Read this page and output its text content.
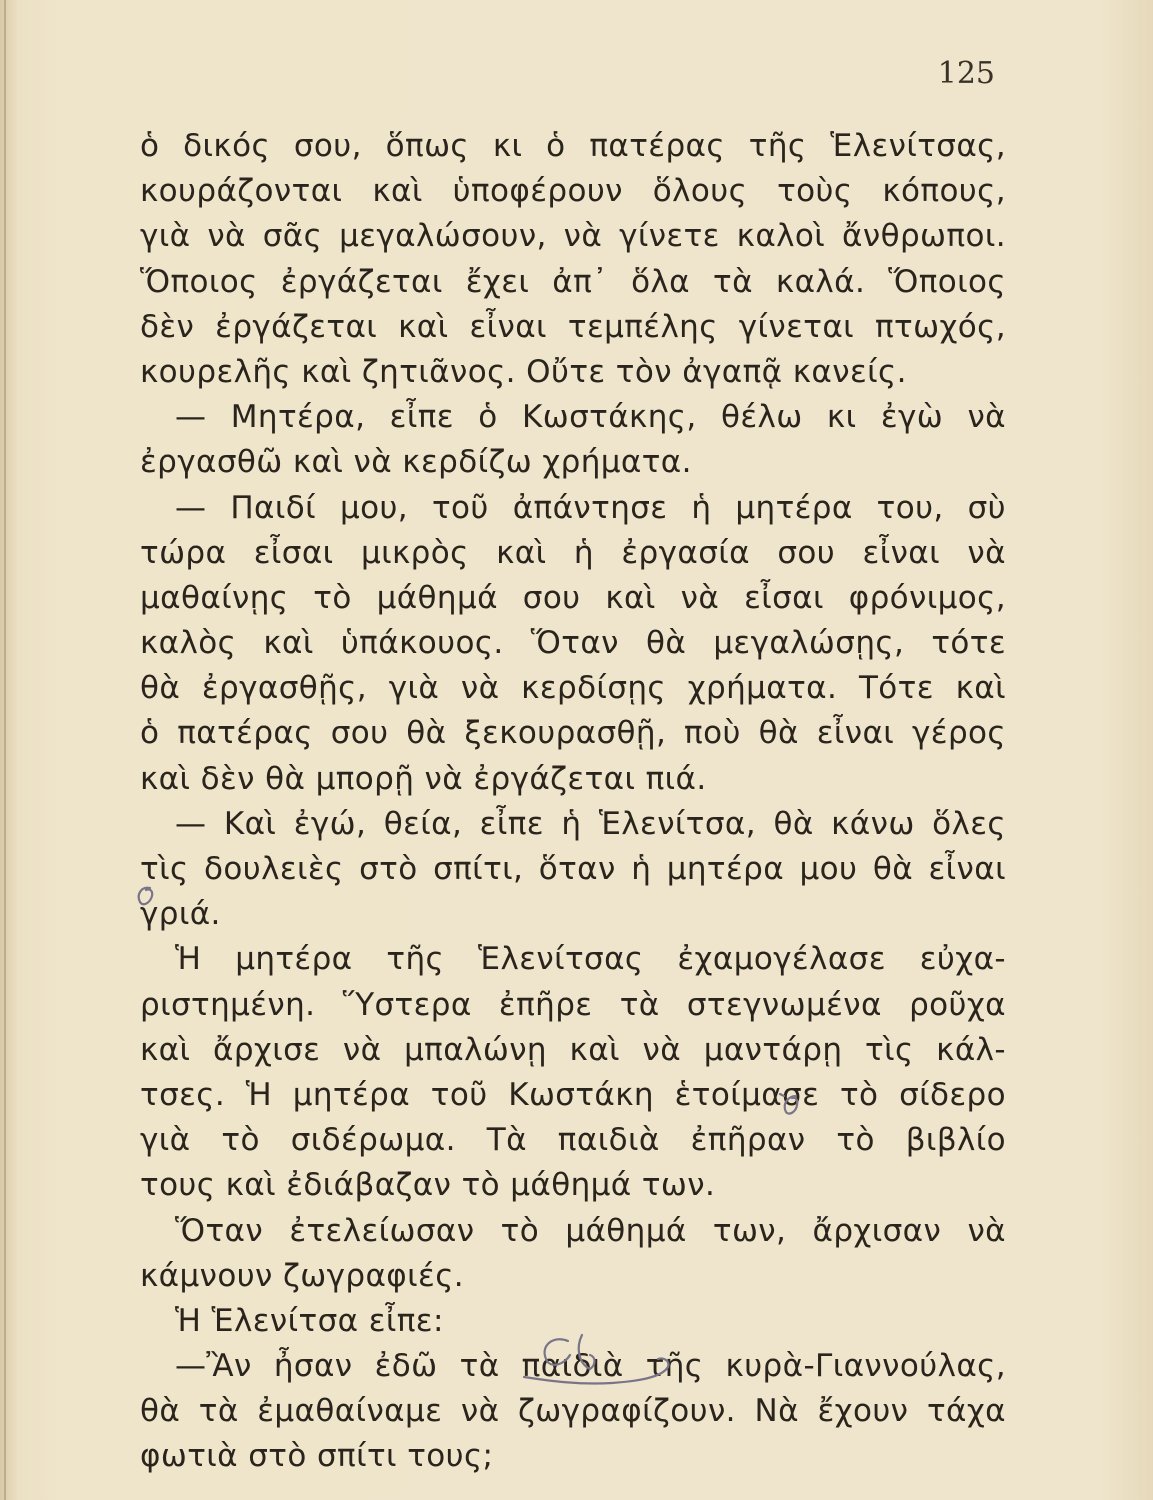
125
ὁ δικός σου, ὅπως κι ὁ πατέρας τῆς Ἑλενίτσας,
κουράζονται καὶ ὑποφέρουν ὅλους τοὺς κόπους,
γιὰ νὰ σᾶς μεγαλώσουν, νὰ γίνετε καλοὶ ἄνθρωποι.
Ὅποιος ἐργάζεται ἔχει ἀπ᾽ ὅλα τὰ καλά. Ὅποιος
δὲν ἐργάζεται καὶ εἶναι τεμπέλης γίνεται πτωχός,
κουρελῆς καὶ ζητιᾶνος. Οὔτε τὸν ἀγαπᾷ κανείς.
— Μητέρα, εἶπε ὁ Κωστάκης, θέλω κι ἐγὼ νὰ
ἐργασθῶ καὶ νὰ κερδίζω χρήματα.
— Παιδί μου, τοῦ ἀπάντησε ἡ μητέρα του, σὺ
τώρα εἶσαι μικρὸς καὶ ἡ ἐργασία σου εἶναι νὰ
μαθαίνῃς τὸ μάθημά σου καὶ νὰ εἶσαι φρόνιμος,
καλὸς καὶ ὑπάκουος. Ὅταν θὰ μεγαλώσῃς, τότε
θὰ ἐργασθῇς, γιὰ νὰ κερδίσῃς χρήματα. Τότε καὶ
ὁ πατέρας σου θὰ ξεκουρασθῇ, ποὺ θὰ εἶναι γέρος
καὶ δὲν θὰ μπορῇ νὰ ἐργάζεται πιά.
— Καὶ ἐγώ, θεία, εἶπε ἡ Ἑλενίτσα, θὰ κάνω ὅλες
τὶς δουλειὲς στὸ σπίτι, ὅταν ἡ μητέρα μου θὰ εἶναι
γριά.
Ἡ μητέρα τῆς Ἑλενίτσας ἐχαμογέλασε εὐχα-
ριστημένη. Ὕστερα ἐπῆρε τὰ στεγνωμένα ροῦχα
καὶ ἄρχισε νὰ μπαλώνῃ καὶ νὰ μαντάρῃ τὶς κάλ-
τσες. Ἡ μητέρα τοῦ Κωστάκη ἑτοίμασε τὸ σίδερο
γιὰ τὸ σιδέρωμα. Τὰ παιδιὰ ἐπῆραν τὸ βιβλίο
τους καὶ ἐδιάβαζαν τὸ μάθημά των.
Ὅταν ἐτελείωσαν τὸ μάθημά των, ἄρχισαν νὰ
κάμνουν ζωγραφιές.
Ἡ Ἑλενίτσα εἶπε:
—Ἂν ἦσαν ἐδῶ τὰ παιδιὰ τῆς κυρὰ-Γιαννούλας,
θὰ τὰ ἐμαθαίναμε νὰ ζωγραφίζουν. Νὰ ἔχουν τάχα
φωτιὰ στὸ σπίτι τους;
